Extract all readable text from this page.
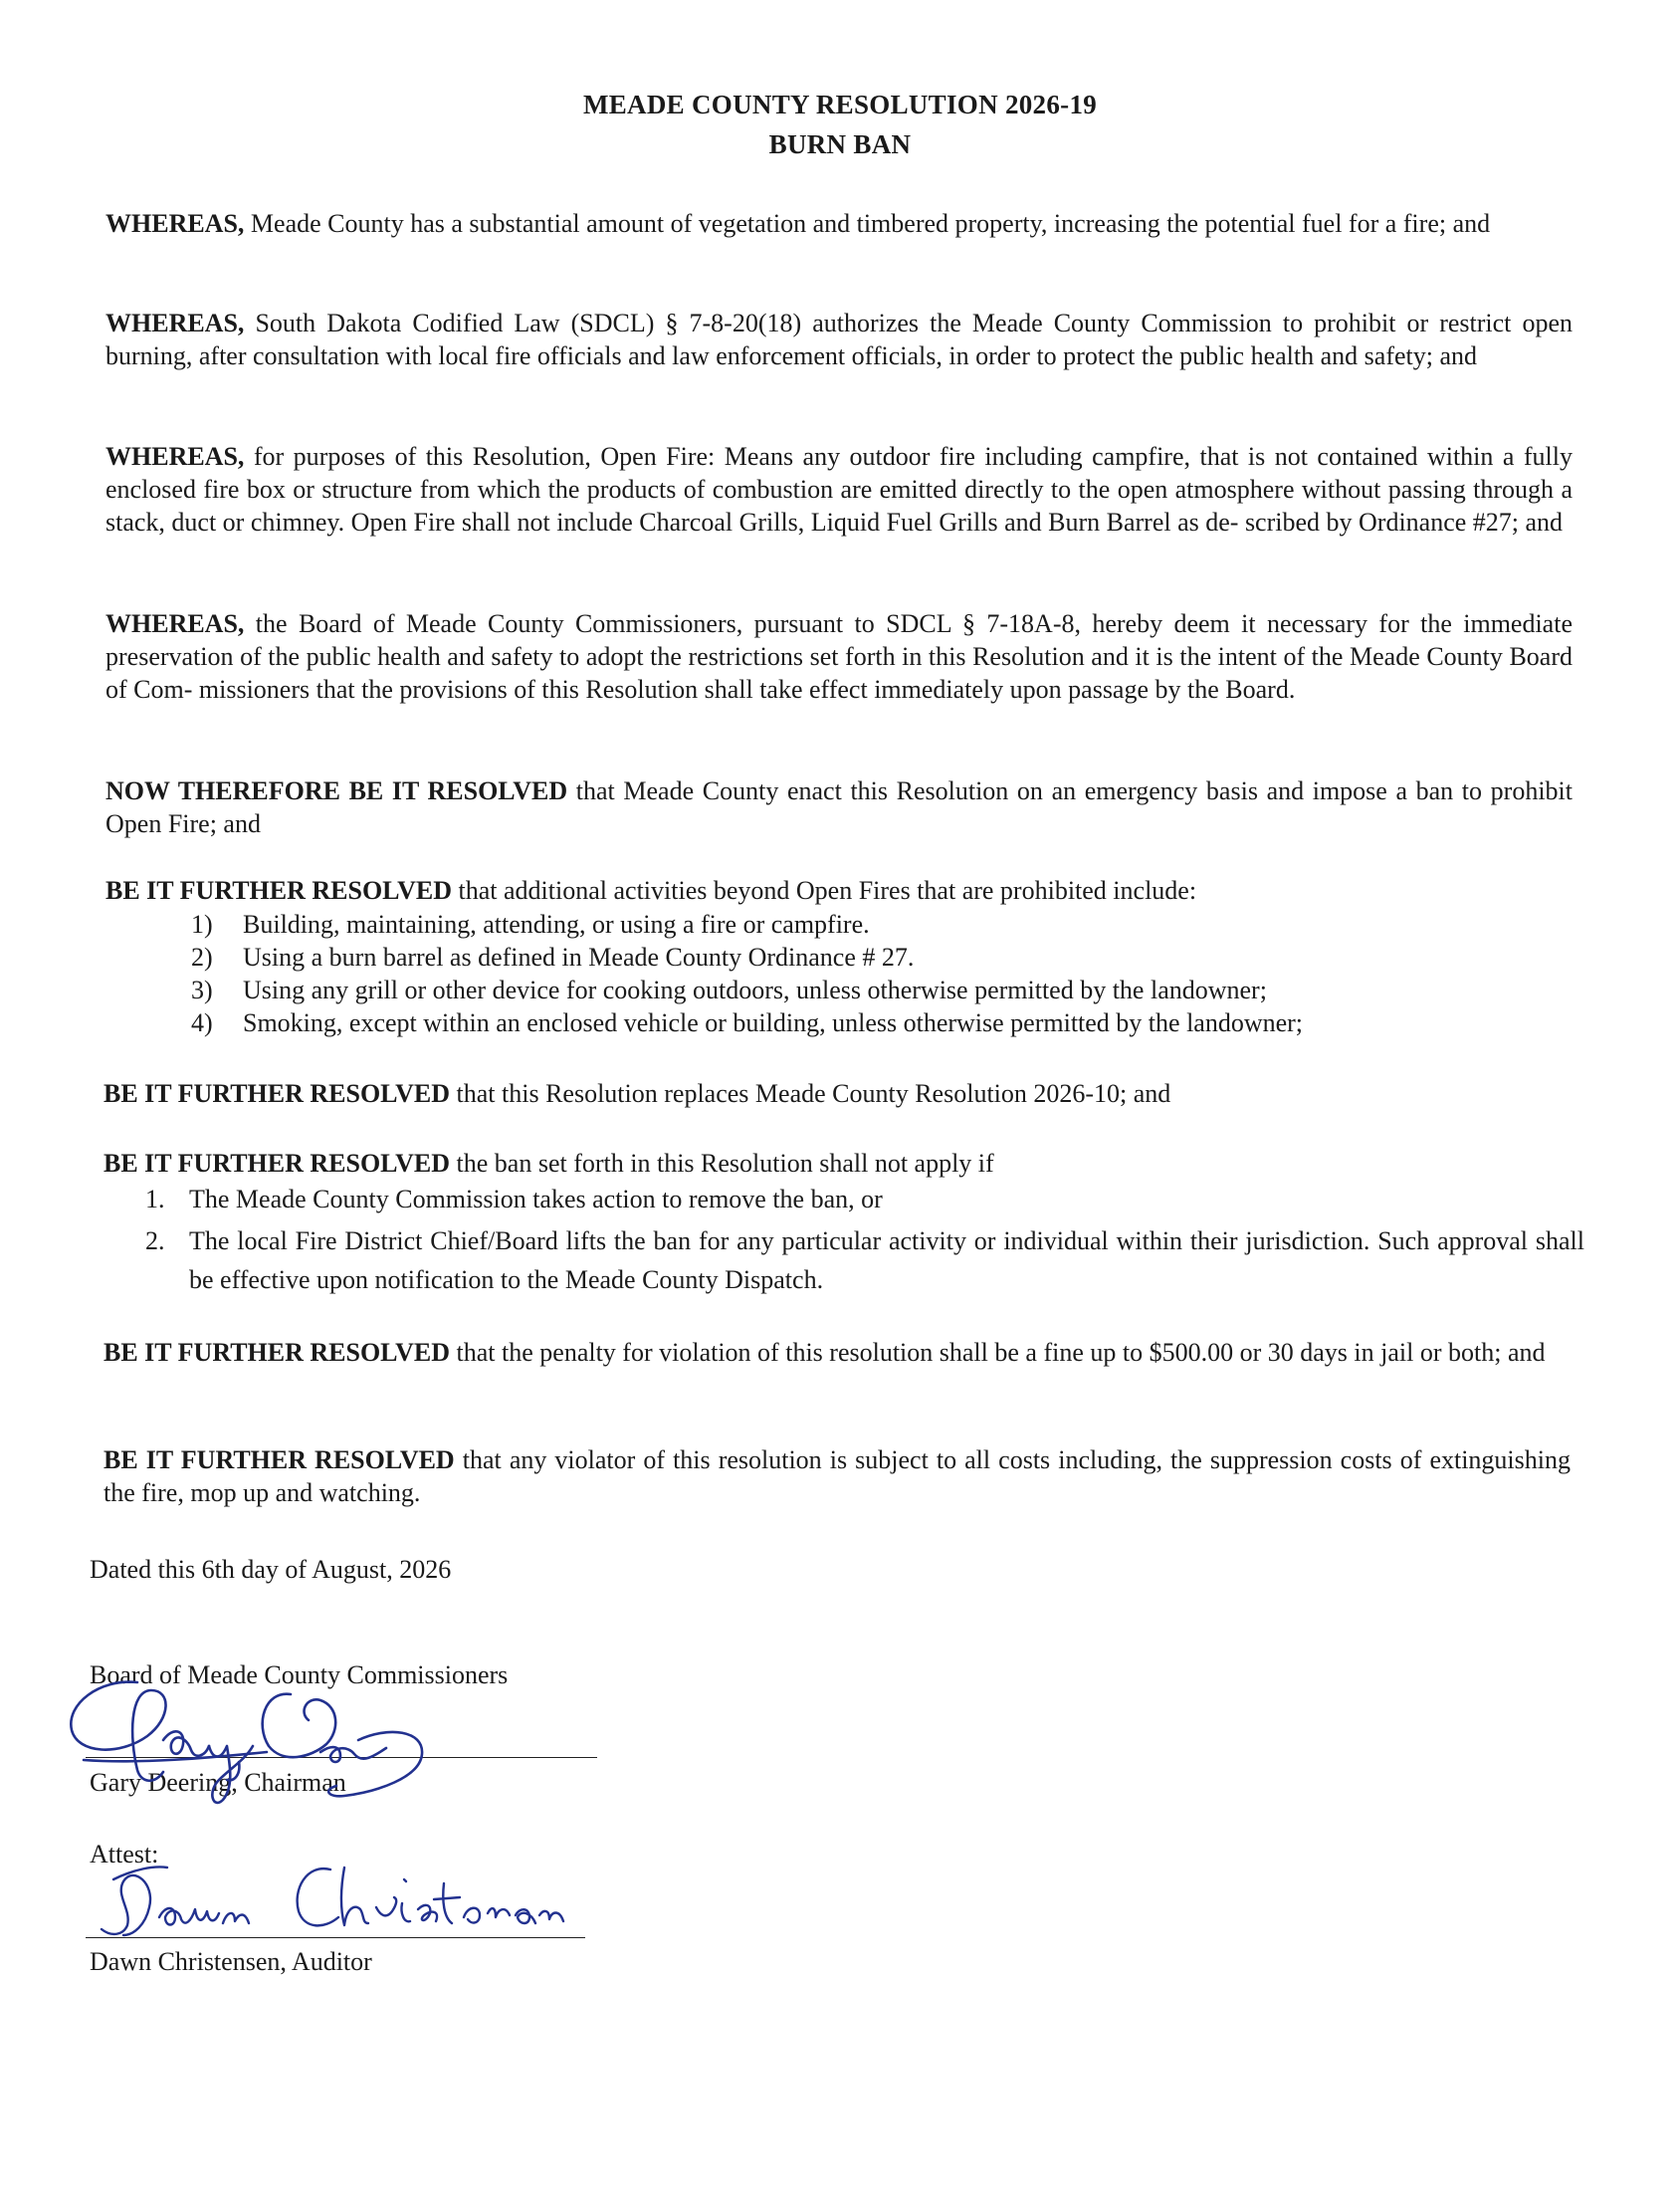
MEADE COUNTY RESOLUTION 2026-19
BURN BAN

WHEREAS, Meade County has a substantial amount of vegetation and timbered property, increasing the potential fuel for a fire; and

WHEREAS, South Dakota Codified Law (SDCL) § 7-8-20(18) authorizes the Meade County Commission to prohibit or restrict open burning, after consultation with local fire officials and law enforcement officials, in order to protect the public health and safety; and

WHEREAS, for purposes of this Resolution, Open Fire: Means any outdoor fire including campfire, that is not contained within a fully enclosed fire box or structure from which the products of combustion are emitted directly to the open atmosphere without passing through a stack, duct or chimney. Open Fire shall not include Charcoal Grills, Liquid Fuel Grills and Burn Barrel as de- scribed by Ordinance #27; and

WHEREAS, the Board of Meade County Commissioners, pursuant to SDCL § 7-18A-8, hereby deem it necessary for the immediate preservation of the public health and safety to adopt the restrictions set forth in this Resolution and it is the intent of the Meade County Board of Com- missioners that the provisions of this Resolution shall take effect immediately upon passage by the Board.

NOW THEREFORE BE IT RESOLVED that Meade County enact this Resolution on an emergency basis and impose a ban to prohibit Open Fire; and

BE IT FURTHER RESOLVED that additional activities beyond Open Fires that are prohibited include:

1) Building, maintaining, attending, or using a fire or campfire.
2) Using a burn barrel as defined in Meade County Ordinance # 27.
3) Using any grill or other device for cooking outdoors, unless otherwise permitted by the landowner;
4) Smoking, except within an enclosed vehicle or building, unless otherwise permitted by the landowner;

BE IT FURTHER RESOLVED that this Resolution replaces Meade County Resolution 2026-10; and

BE IT FURTHER RESOLVED the ban set forth in this Resolution shall not apply if

1. The Meade County Commission takes action to remove the ban, or
2. The local Fire District Chief/Board lifts the ban for any particular activity or individual within their jurisdiction. Such approval shall be effective upon notification to the Meade County Dispatch.

BE IT FURTHER RESOLVED that the penalty for violation of this resolution shall be a fine up to $500.00 or 30 days in jail or both; and

BE IT FURTHER RESOLVED that any violator of this resolution is subject to all costs including, the suppression costs of extinguishing the fire, mop up and watching.

Dated this 6th day of August, 2026
Board of Meade County Commissioners
Gary Deering, Chairman
Attest:
Dawn Christensen, Auditor
